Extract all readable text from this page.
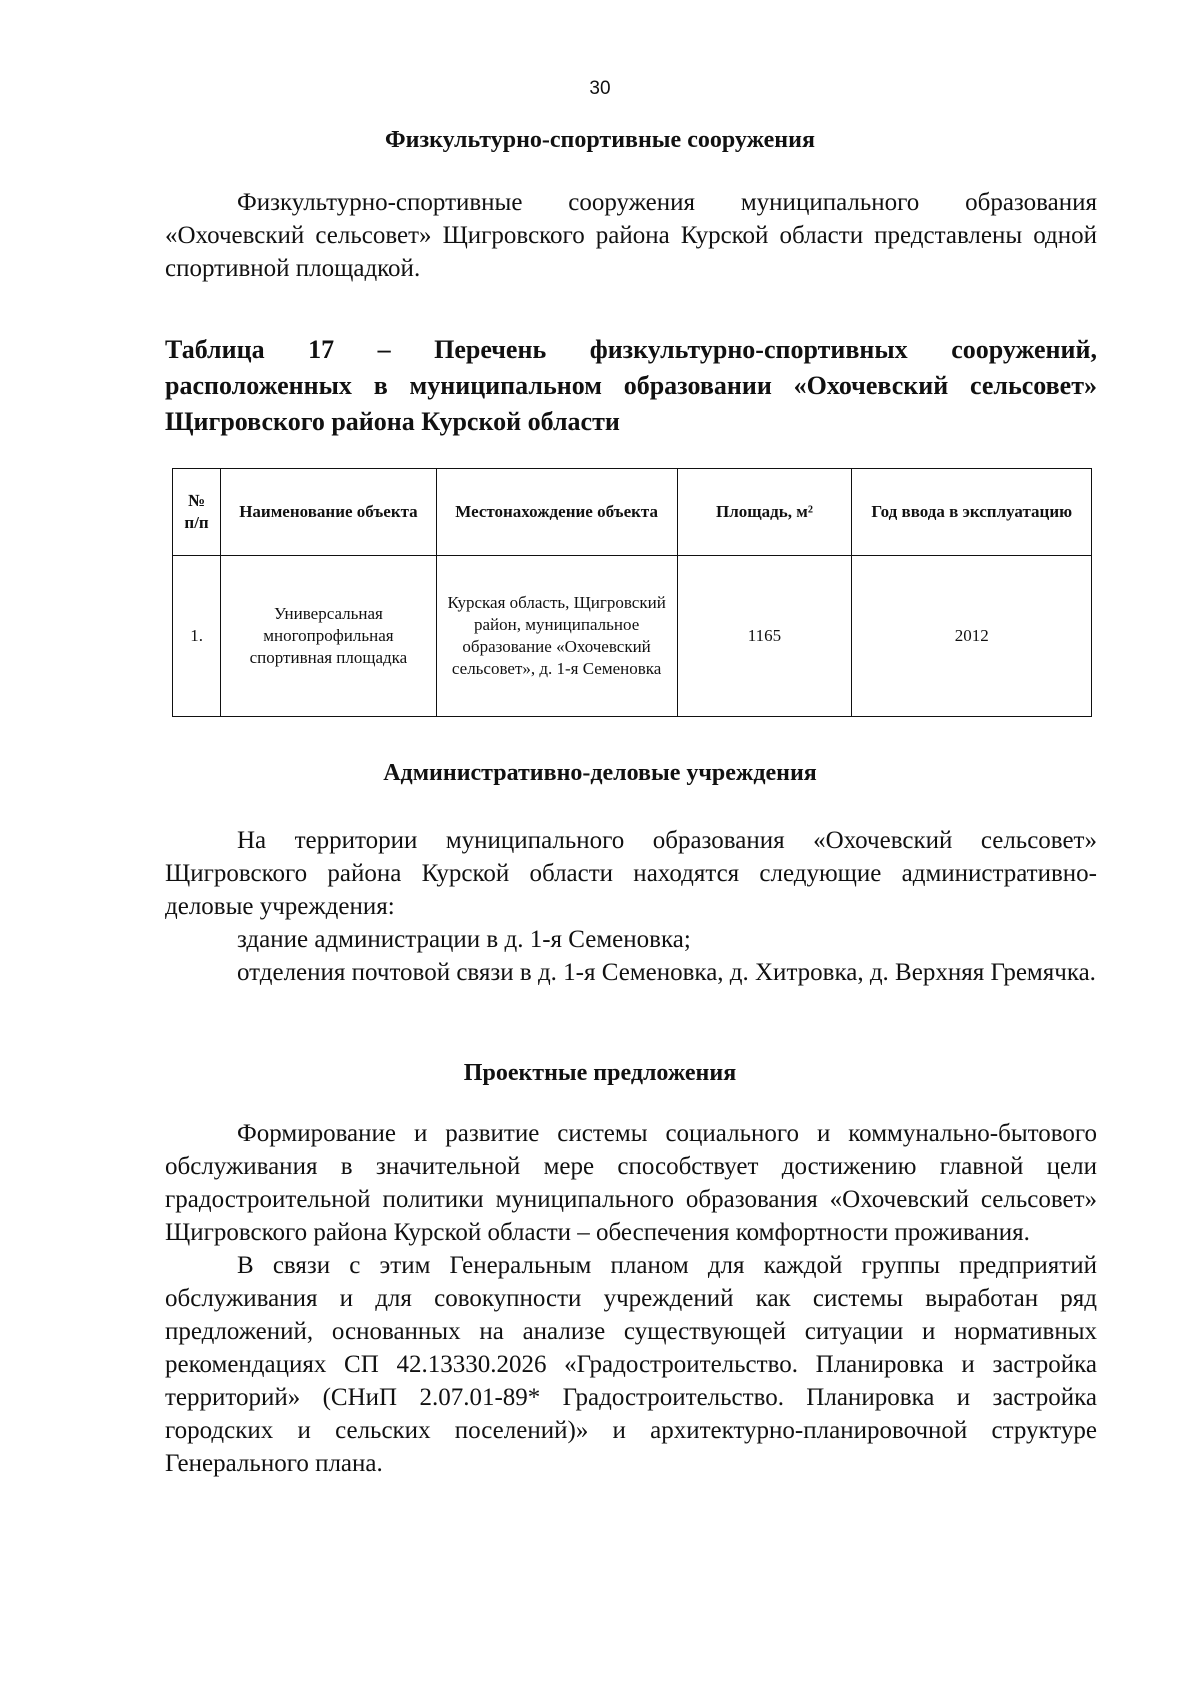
30
Физкультурно-спортивные сооружения
Физкультурно-спортивные сооружения муниципального образования «Охочевский сельсовет» Щигровского района Курской области представлены одной спортивной площадкой.
Таблица 17 – Перечень физкультурно-спортивных сооружений, расположенных в муниципальном образовании «Охочевский сельсовет» Щигровского района Курской области
№ п/п	Наименование объекта	Местонахождение объекта	Площадь, м²	Год ввода в эксплуатацию
1.	Универсальная многопрофильная спортивная площадка	Курская область, Щигровский район, муниципальное образование «Охочевский сельсовет», д. 1-я Семеновка	1165	2012
Административно-деловые учреждения
На территории муниципального образования «Охочевский сельсовет» Щигровского района Курской области находятся следующие административно-деловые учреждения:
здание администрации в д. 1-я Семеновка;
отделения почтовой связи в д. 1-я Семеновка, д. Хитровка, д. Верхняя Гремячка.
Проектные предложения
Формирование и развитие системы социального и коммунально-бытового обслуживания в значительной мере способствует достижению главной цели градостроительной политики муниципального образования «Охочевский сельсовет» Щигровского района Курской области – обеспечения комфортности проживания.
В связи с этим Генеральным планом для каждой группы предприятий обслуживания и для совокупности учреждений как системы выработан ряд предложений, основанных на анализе существующей ситуации и нормативных рекомендациях СП 42.13330.2026 «Градостроительство. Планировка и застройка территорий» (СНиП 2.07.01-89* Градостроительство. Планировка и застройка городских и сельских поселений)» и архитектурно-планировочной структуре Генерального плана.
